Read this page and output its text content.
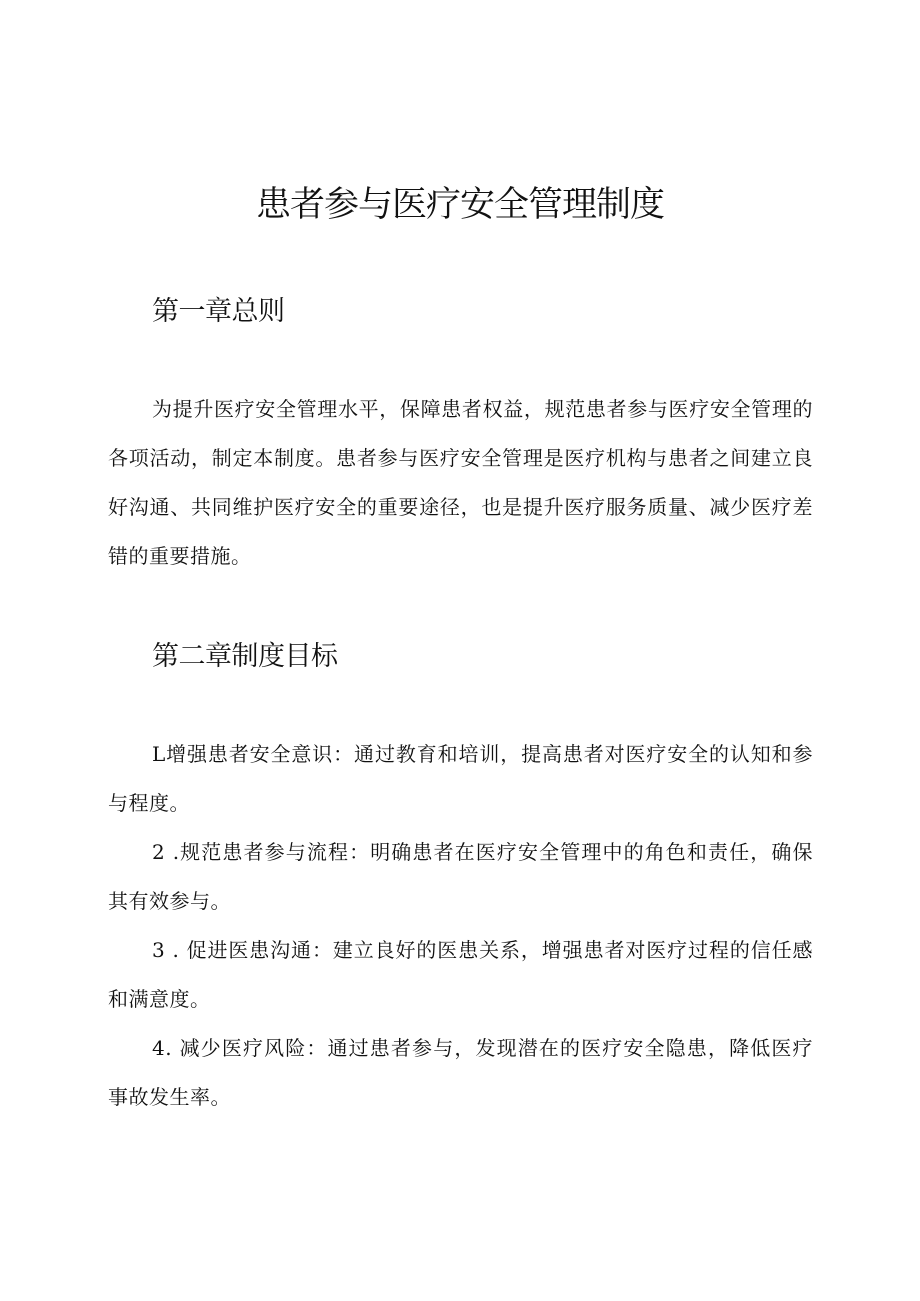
患者参与医疗安全管理制度
第一章总则

为提升医疗安全管理水平，保障患者权益，规范患者参与医疗安全管理的各项活动，制定本制度。患者参与医疗安全管理是医疗机构与患者之间建立良好沟通、共同维护医疗安全的重要途径，也是提升医疗服务质量、减少医疗差错的重要措施。

第二章制度目标
L增强患者安全意识：通过教育和培训，提高患者对医疗安全的认知和参与程度。
2 .规范患者参与流程：明确患者在医疗安全管理中的角色和责任，确保其有效参与。
3 . 促进医患沟通：建立良好的医患关系，增强患者对医疗过程的信任感和满意度。
4. 减少医疗风险：通过患者参与，发现潜在的医疗安全隐患，降低医疗事故发生率。
